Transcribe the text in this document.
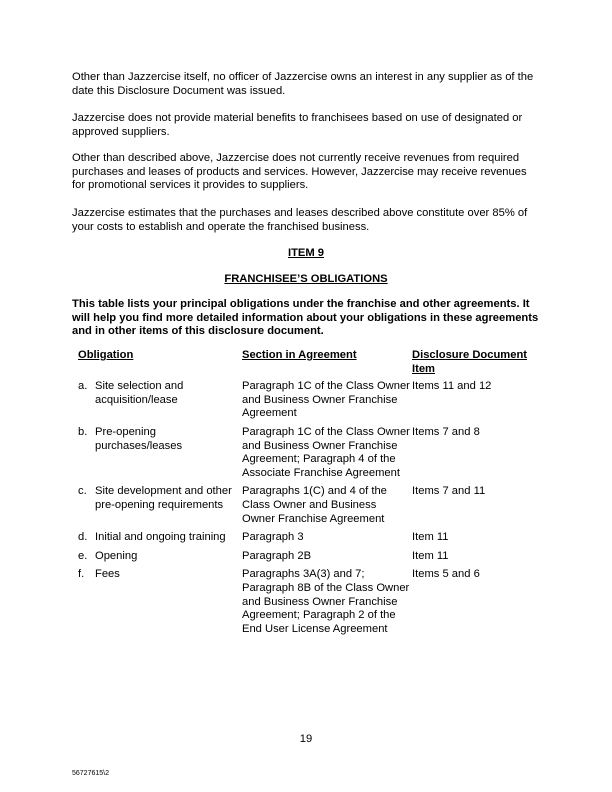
Other than Jazzercise itself, no officer of Jazzercise owns an interest in any supplier as of the date this Disclosure Document was issued.

Jazzercise does not provide material benefits to franchisees based on use of designated or approved suppliers.

Other than described above, Jazzercise does not currently receive revenues from required purchases and leases of products and services. However, Jazzercise may receive revenues for promotional services it provides to suppliers.

Jazzercise estimates that the purchases and leases described above constitute over 85% of your costs to establish and operate the franchised business.

ITEM 9

FRANCHISEE’S OBLIGATIONS

This table lists your principal obligations under the franchise and other agreements. It will help you find more detailed information about your obligations in these agreements and in other items of this disclosure document.

Obligation	Section in Agreement	Disclosure Document Item

a. Site selection and acquisition/lease	Paragraph 1C of the Class Owner and Business Owner Franchise Agreement	Items 11 and 12

b. Pre-opening purchases/leases	Paragraph 1C of the Class Owner and Business Owner Franchise Agreement; Paragraph 4 of the Associate Franchise Agreement	Items 7 and 8

c. Site development and other pre-opening requirements	Paragraphs 1(C) and 4 of the Class Owner and Business Owner Franchise Agreement	Items 7 and 11

d. Initial and ongoing training	Paragraph 3	Item 11

e. Opening	Paragraph 2B	Item 11

f. Fees	Paragraphs 3A(3) and 7; Paragraph 8B of the Class Owner and Business Owner Franchise Agreement; Paragraph 2 of the End User License Agreement	Items 5 and 6
19
56727615\2
